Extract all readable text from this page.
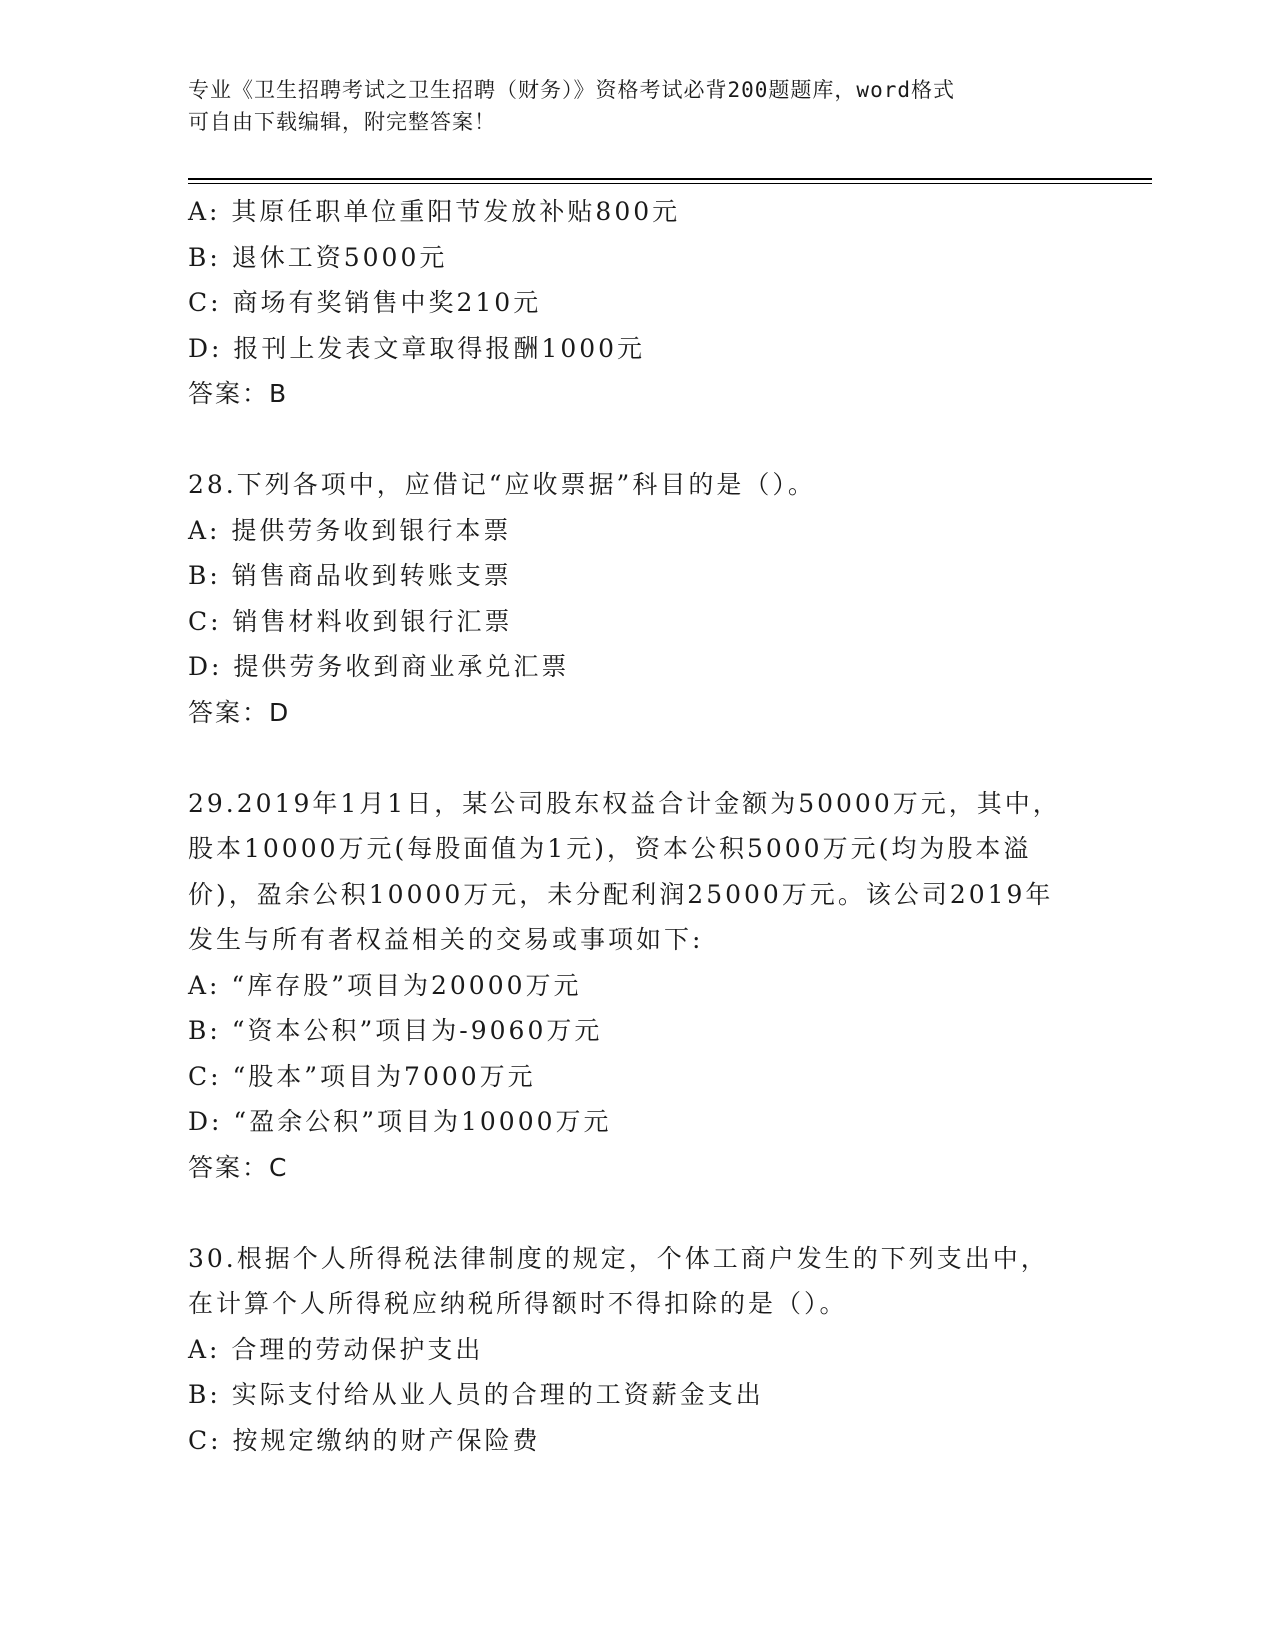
专业《卫生招聘考试之卫生招聘（财务）》资格考试必背200题题库，word格式
可自由下载编辑，附完整答案！
A: 其原任职单位重阳节发放补贴800元
B: 退休工资5000元
C: 商场有奖销售中奖210元
D: 报刊上发表文章取得报酬1000元
答案：B
28.下列各项中，应借记“应收票据”科目的是（）。
A: 提供劳务收到银行本票
B: 销售商品收到转账支票
C: 销售材料收到银行汇票
D: 提供劳务收到商业承兑汇票
答案：D
29.2019年1月1日，某公司股东权益合计金额为50000万元，其中，
股本10000万元(每股面值为1元)，资本公积5000万元(均为股本溢
价)，盈余公积10000万元，未分配利润25000万元。该公司2019年
发生与所有者权益相关的交易或事项如下:
A: “库存股”项目为20000万元
B: “资本公积”项目为-9060万元
C: “股本”项目为7000万元
D: “盈余公积”项目为10000万元
答案：C
30.根据个人所得税法律制度的规定，个体工商户发生的下列支出中，
在计算个人所得税应纳税所得额时不得扣除的是（）。
A: 合理的劳动保护支出
B: 实际支付给从业人员的合理的工资薪金支出
C: 按规定缴纳的财产保险费
